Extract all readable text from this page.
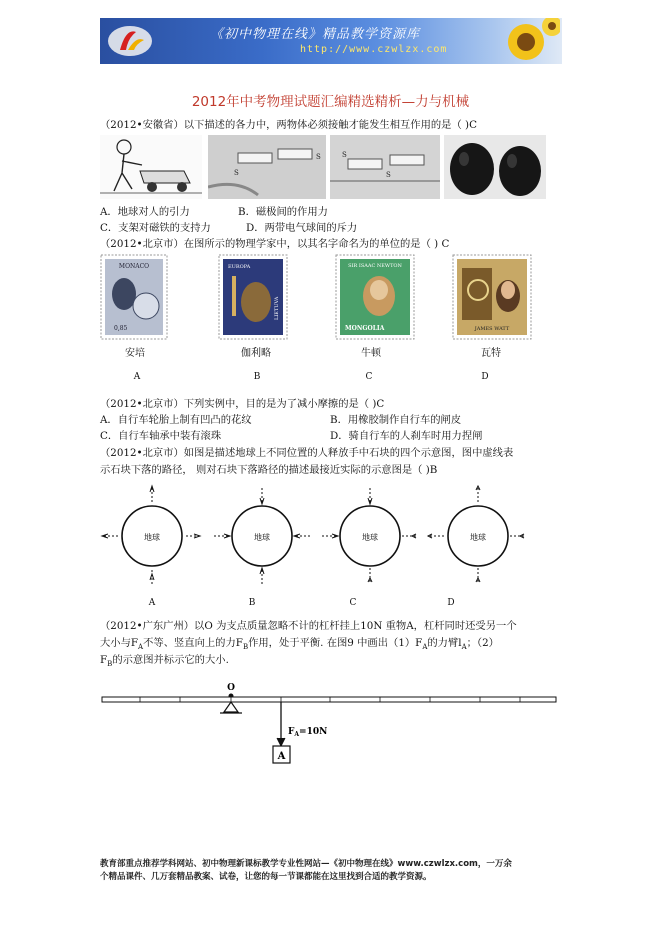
《初中物理在线》精品教学资源库
http://www.czwlzx.com
2012年中考物理试题汇编精选精析—力与机械
（2012•安徽省）以下描述的各力中，两物体必须接触才能发生相互作用的是（ )C
S
S	S
S
A．地球对人的引力	B．磁极间的作用力
C．支架对磁铁的支持力	D．两带电气球间的斥力
（2012•北京市）在图所示的物理学家中，以其名字命名为的单位的是（ ) C
MONACO
0,85
EUROPA
LIETUVA
SIR ISAAC NEWTON
MONGOLIA	JAMES WATT
安培	伽利略	牛顿	瓦特
A	B	C	D
（2012•北京市）下列实例中，目的是为了减小摩擦的是（ )C
A．自行车轮胎上制有凹凸的花纹	B．用橡胶制作自行车的闸皮
C．自行车轴承中装有滚珠	D．骑自行车的人刹车时用力捏闸
（2012•北京市）如图是描述地球上不同位置的人释放手中石块的四个示意图，图中虚线表
示石块下落的路径， 则对石块下落路径的描述最接近实际的示意图是（ )B
地球	地球	地球	地球
A	B	C	D
（2012•广东广州）以O 为支点质量忽略不计的杠杆挂上10N 重物A，杠杆同时还受另一个
大小与$F_A$不等、竖直向上的力$F_B$作用，处于平衡. 在图9 中画出$(1)F_A$的力臂$l_A$；（2）
$F_B$的示意图并标示它的大小.
O
$F_A=10N$
A
教育部重点推荐学科网站、初中物理新课标教学专业性网站—《初中物理在线》www.czwlzx.com，一万余
个精品课件、几万套精品教案、试卷，让您的每一节课都能在这里找到合适的教学资源。
